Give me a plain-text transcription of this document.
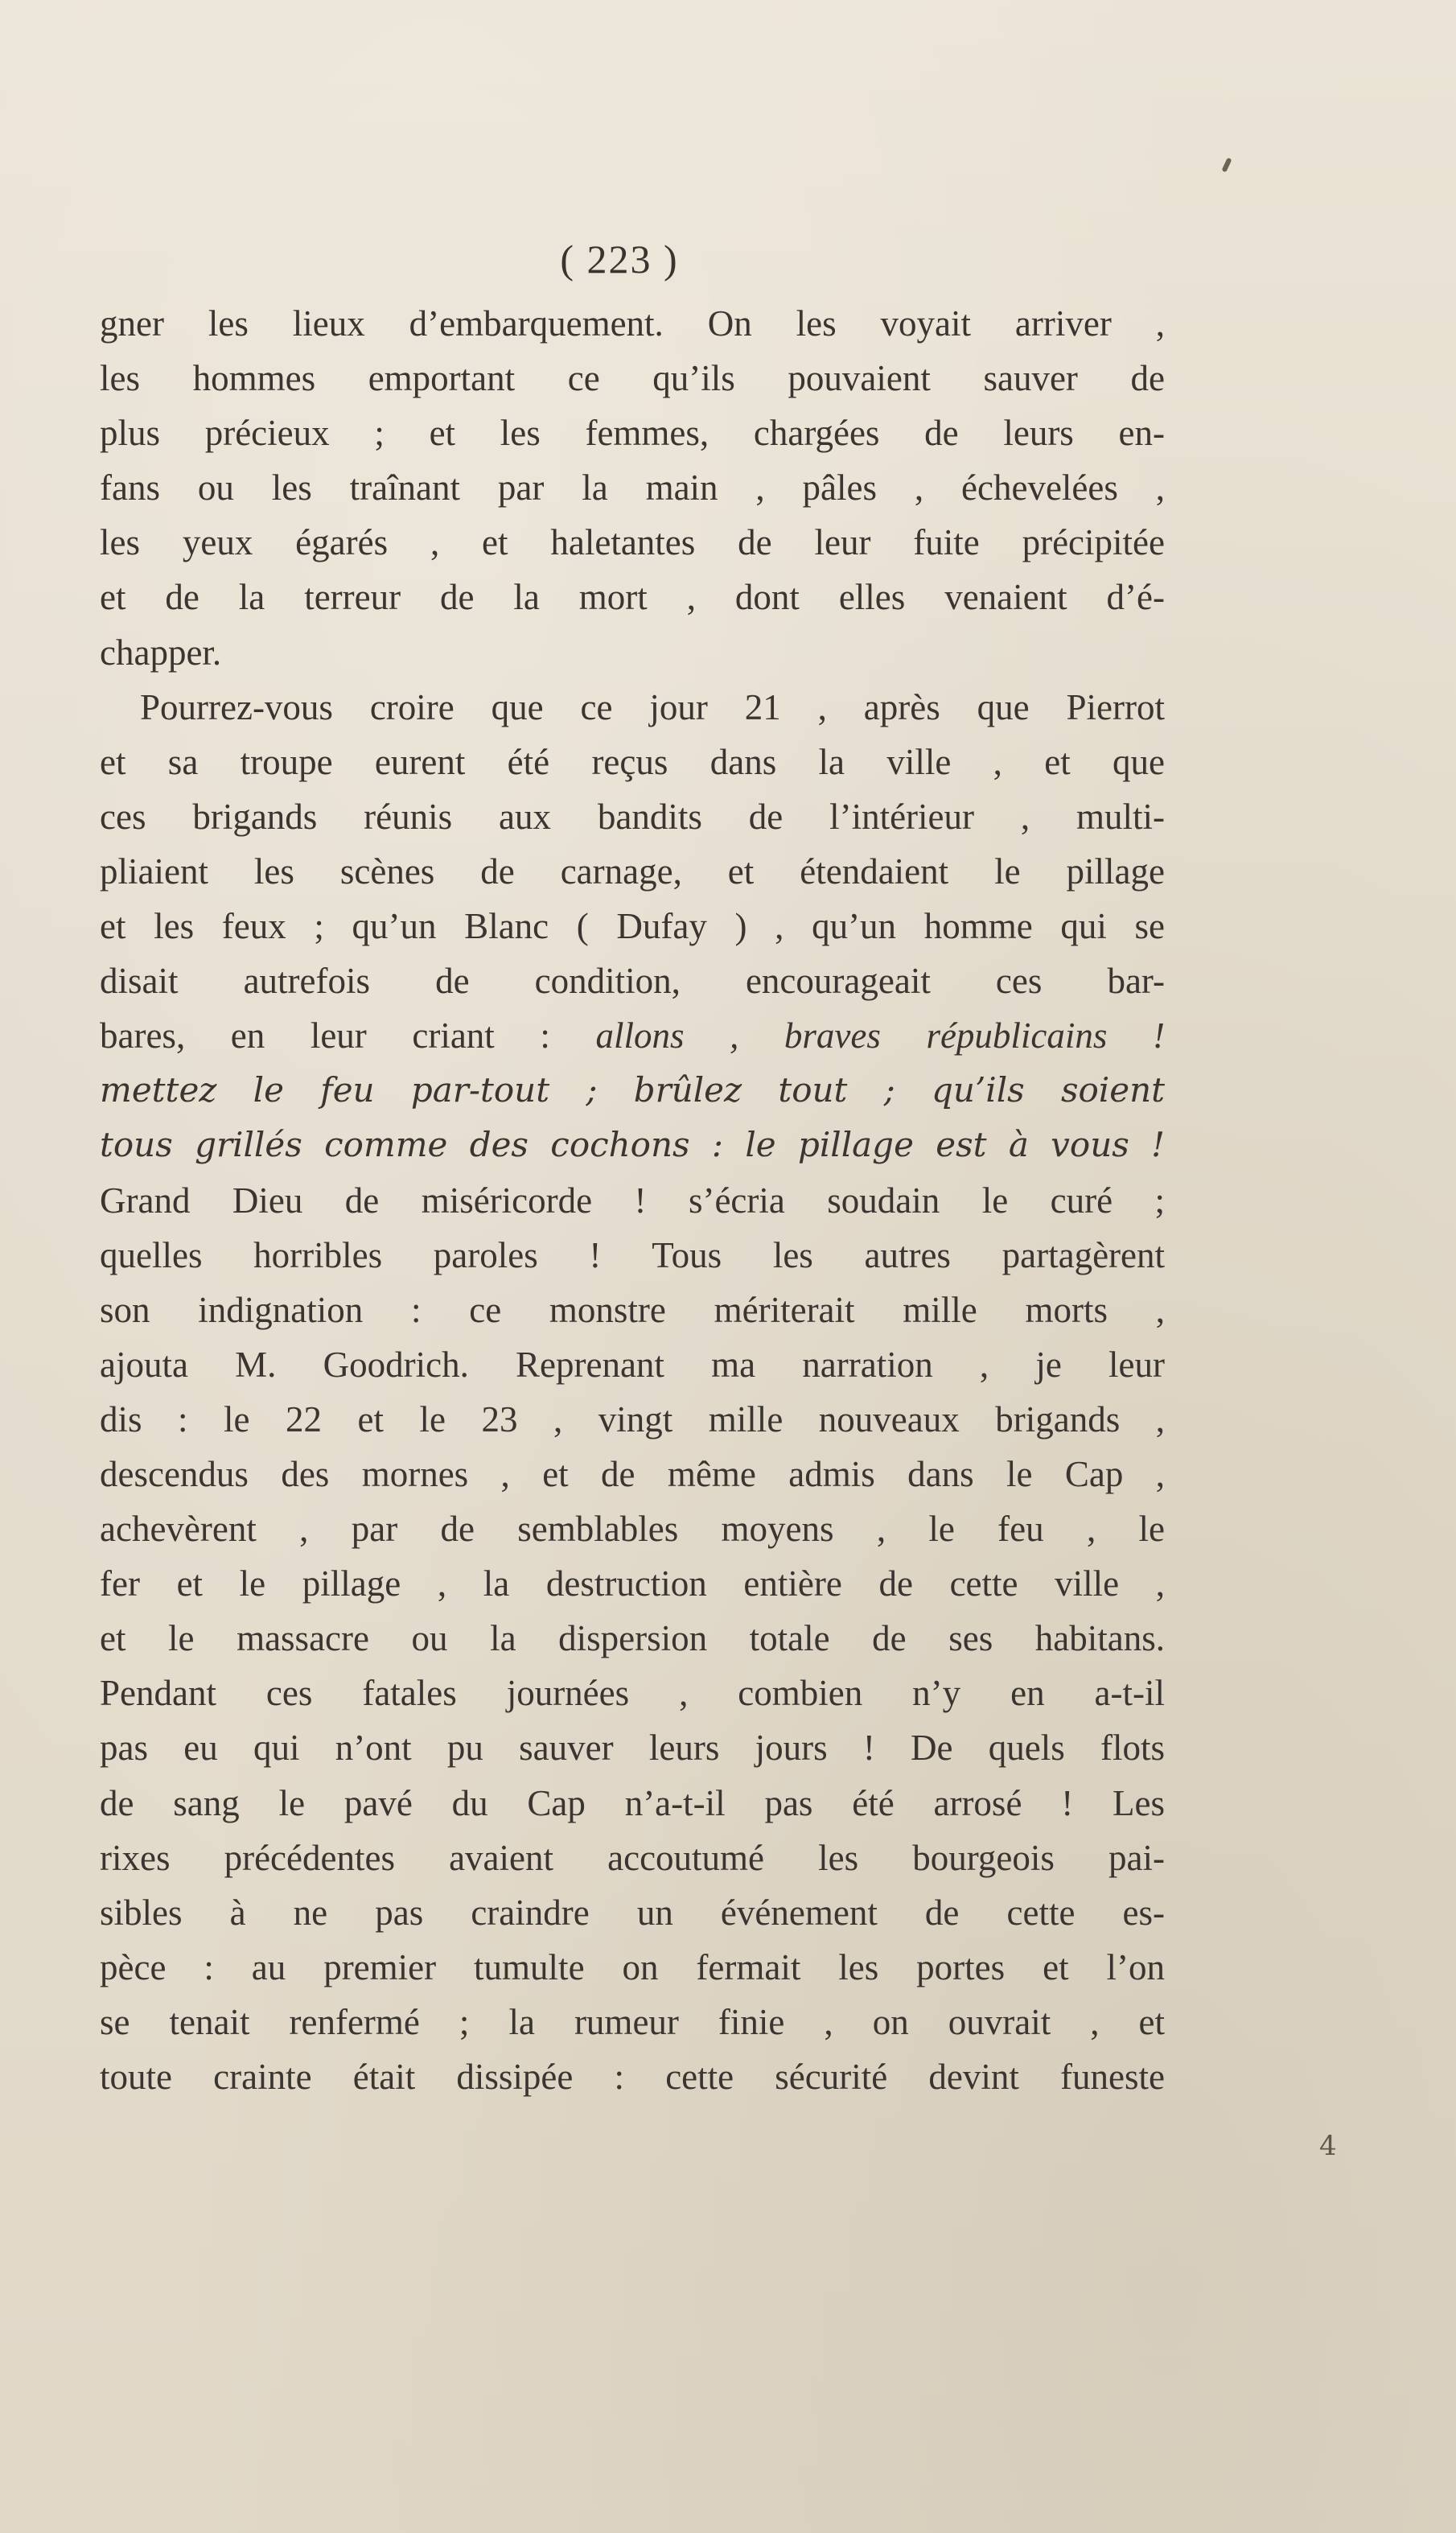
( 223 )
gner les lieux d’embarquement. On les voyait arriver ,
les hommes emportant ce qu’ils pouvaient sauver de
plus précieux ; et les femmes, chargées de leurs en-
fans ou les traînant par la main , pâles , échevelées ,
les yeux égarés , et haletantes de leur fuite précipitée
et de la terreur de la mort , dont elles venaient d’é-
chapper.
Pourrez-vous croire que ce jour 21 , après que Pierrot
et sa troupe eurent été reçus dans la ville , et que
ces brigands réunis aux bandits de l’intérieur , multi-
pliaient les scènes de carnage, et étendaient le pillage
et les feux ; qu’un Blanc ( Dufay ) , qu’un homme qui se
disait autrefois de condition, encourageait ces bar-
bares, en leur criant : allons , braves républicains !
mettez le feu par-tout ; brûlez tout ; qu’ils soient
tous grillés comme des cochons : le pillage est à vous !
Grand Dieu de miséricorde ! s’écria soudain le curé ;
quelles horribles paroles ! Tous les autres partagèrent
son indignation : ce monstre mériterait mille morts ,
ajouta M. Goodrich. Reprenant ma narration , je leur
dis : le 22 et le 23 , vingt mille nouveaux brigands ,
descendus des mornes , et de même admis dans le Cap ,
achevèrent , par de semblables moyens , le feu , le
fer et le pillage , la destruction entière de cette ville ,
et le massacre ou la dispersion totale de ses habitans.
Pendant ces fatales journées , combien n’y en a-t-il
pas eu qui n’ont pu sauver leurs jours ! De quels flots
de sang le pavé du Cap n’a-t-il pas été arrosé ! Les
rixes précédentes avaient accoutumé les bourgeois pai-
sibles à ne pas craindre un événement de cette es-
pèce : au premier tumulte on fermait les portes et l’on
se tenait renfermé ; la rumeur finie , on ouvrait , et
toute crainte était dissipée : cette sécurité devint funeste
4
